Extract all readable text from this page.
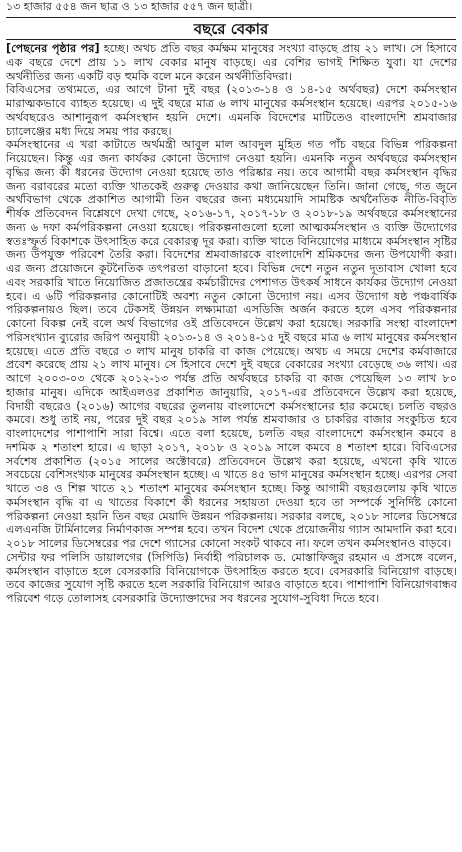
১৩ হাজার ৫৫৪ জন ছাত্র ও ১৩ হাজার ৫৫৭ জন ছাত্রী।
বছরে বেকার
[পেছনের পৃষ্ঠার পর] হচ্ছে। অথচ প্রতি বছর কর্মক্ষম মানুষের সংখ্যা বাড়ছে প্রায় ২১ লাখ। সে হিসাবে এক বছরে দেশে প্রায় ১১ লাখ বেকার মানুষ বাড়ছে। এর বেশির ভাগই শিক্ষিত যুবা। যা দেশের অর্থনীতির জন্য একটি বড় হুমকি বলে মনে করেন অর্থনীতিবিদরা।
বিবিএসের তথ্যমতে, এর আগে টানা দুই বছর (২০১৩-১৪ ও ১৪-১৫ অর্থবছর) দেশে কর্মসংস্থান মারাত্মকভাবে ব্যাহত হয়েছে। এ দুই বছরে মাত্র ৬ লাখ মানুষের কর্মসংস্থান হয়েছে। এরপর ২০১৫-১৬ অর্থবছরেও আশানুরূপ কর্মসংস্থান হয়নি দেশে। এমনকি বিদেশের মাটিতেও বাংলাদেশি শ্রমবাজার চ্যালেঞ্জের মধ্য দিয়ে সময় পার করছে।
কর্মসংস্থানের এ খরা কাটাতে অর্থমন্ত্রী আবুল মাল আবদুল মুহিত গত পাঁচ বছরে বিভিন্ন পরিকল্পনা নিয়েছেন। কিন্তু এর জন্য কার্যকর কোনো উদ্যোগ নেওয়া হয়নি। এমনকি নতুন অর্থবছরে কর্মসংস্থান বৃদ্ধির জন্য কী ধরনের উদ্যোগ নেওয়া হয়েছে তাও পরিষ্কার নয়। তবে আগামী বছর কর্মসংস্থান বৃদ্ধির জন্য বরাবরের মতো ব্যক্তি খাতকেই গুরুত্ব দেওয়ার কথা জানিয়েছেন তিনি। জানা গেছে, গত জুনে অর্থবিভাগ থেকে প্রকাশিত আগামী তিন বছরের জন্য মধ্যমেয়াদি সামষ্টিক অর্থনৈতিক নীতি-বিবৃতি শীর্ষক প্রতিবেদন বিশ্লেষণে দেখা গেছে, ২০১৬-১৭, ২০১৭-১৮ ও ২০১৮-১৯ অর্থবছরে কর্মসংস্থানের জন্য ৬ দফা কর্মপরিকল্পনা নেওয়া হয়েছে। পরিকল্পনাগুলো হলো আত্মকর্মসংস্থান ও ব্যক্তি উদ্যোগের স্বতঃস্ফূর্ত বিকাশকে উৎসাহিত করে বেকারত্ব দূর করা। ব্যক্তি খাতে বিনিয়োগের মাধ্যমে কর্মসংস্থান সৃষ্টির জন্য উপযুক্ত পরিবেশ তৈরি করা। বিদেশের শ্রমবাজারকে বাংলাদেশি শ্রমিকদের জন্য উপযোগী করা। এর জন্য প্রয়োজনে কূটনৈতিক তৎপরতা বাড়ানো হবে। বিভিন্ন দেশে নতুন নতুন দূতাবাস খোলা হবে এবং সরকারি খাতে নিয়োজিত প্রজাতন্ত্রের কর্মচারীদের পেশাগত উৎকর্ষ সাধনে কার্যকর উদ্যোগ নেওয়া হবে। এ ৬টি পরিকল্পনার কোনোটিই অবশ্য নতুন কোনো উদ্যোগ নয়। এসব উদ্যোগ ষষ্ঠ পঞ্চবার্ষিক পরিকল্পনায়ও ছিল। তবে টেকসই উন্নয়ন লক্ষ্যমাত্রা এসডিজি অর্জন করতে হলে এসব পরিকল্পনার কোনো বিকল্প নেই বলে অর্থ বিভাগের ওই প্রতিবেদনে উল্লেখ করা হয়েছে। সরকারি সংস্থা বাংলাদেশ পরিসংখ্যান ব্যুরোর জরিপ অনুযায়ী ২০১৩-১৪ ও ২০১৪-১৫ দুই বছরে মাত্র ৬ লাখ মানুষের কর্মসংস্থান হয়েছে। এতে প্রতি বছরে ৩ লাখ মানুষ চাকরি বা কাজ পেয়েছে। অথচ এ সময়ে দেশের কর্মবাজারে প্রবেশ করেছে প্রায় ২১ লাখ মানুষ। সে হিসাবে দেশে দুই বছরে বেকারের সংখ্যা বেড়েছে ৩৬ লাখ। এর আগে ২০০৩-০৩ থেকে ২০১২-১৩ পর্যন্ত প্রতি অর্থবছরে চাকরি বা কাজ পেয়েছিল ১৩ লাখ ৮০ হাজার মানুষ। এদিকে আইএলওর প্রকাশিত জানুয়ারি, ২০১৭-এর প্রতিবেদনে উল্লেখ করা হয়েছে, বিদায়ী বছরেও (২০১৬) আগের বছরের তুলনায় বাংলাদেশে কর্মসংস্থানের হার কমেছে। চলতি বছরও কমবে। শুধু তাই নয়, পরের দুই বছর ২০১৯ সাল পর্যন্ত শ্রমবাজার ও চাকরির বাজার সংকুচিত হবে বাংলাদেশের পাশাপাশি সারা বিশ্বে। এতে বলা হয়েছে, চলতি বছর বাংলাদেশে কর্মসংস্থান কমবে ৪ দশমিক ২ শতাংশ হারে। এ ছাড়া ২০১৭, ২০১৮ ও ২০১৯ সালে কমবে ৪ শতাংশ হারে। বিবিএসের সর্বশেষ প্রকাশিত (২০১৫ সালের অক্টোবরে) প্রতিবেদনে উল্লেখ করা হয়েছে, এখনো কৃষি খাতে সবচেয়ে বেশিসংখ্যক মানুষের কর্মসংস্থান হচ্ছে। এ খাতে ৪৫ ভাগ মানুষের কর্মসংস্থান হচ্ছে। এরপর সেবা খাতে ৩৪ ও শিল্প খাতে ২১ শতাংশ মানুষের কর্মসংস্থান হচ্ছে। কিন্তু আগামী বছরগুলোয় কৃষি খাতে কর্মসংস্থান বৃদ্ধি বা এ খাতের বিকাশে কী ধরনের সহায়তা দেওয়া হবে তা সম্পর্কে সুনির্দিষ্ট কোনো পরিকল্পনা নেওয়া হয়নি তিন বছর মেয়াদি উন্নয়ন পরিকল্পনায়। সরকার বলছে, ২০১৮ সালের ডিসেম্বরে এলএনজি টার্মিনালের নির্মাণকাজ সম্পন্ন হবে। তখন বিদেশ থেকে প্রয়োজনীয় গ্যাস আমদানি করা হবে। ২০১৮ সালের ডিসেম্বরের পর দেশে গ্যাসের কোনো সংকট থাকবে না। ফলে তখন কর্মসংস্থানও বাড়বে।
সেন্টার ফর পলিসি ডায়ালগের (সিপিডি) নির্বাহী পরিচালক ড. মোস্তাফিজুর রহমান এ প্রসঙ্গে বলেন, কর্মসংস্থান বাড়াতে হলে বেসরকারি বিনিয়োগকে উৎসাহিত করতে হবে। বেসরকারি বিনিয়োগ বাড়ছে। তবে কাজের সুযোগ সৃষ্টি করতে হলে সরকারি বিনিয়োগ আরও বাড়াতে হবে। পাশাপাশি বিনিয়োগবান্ধব পরিবেশ গড়ে তোলাসহ বেসরকারি উদ্যোক্তাদের সব ধরনের সুযোগ-সুবিধা দিতে হবে।
